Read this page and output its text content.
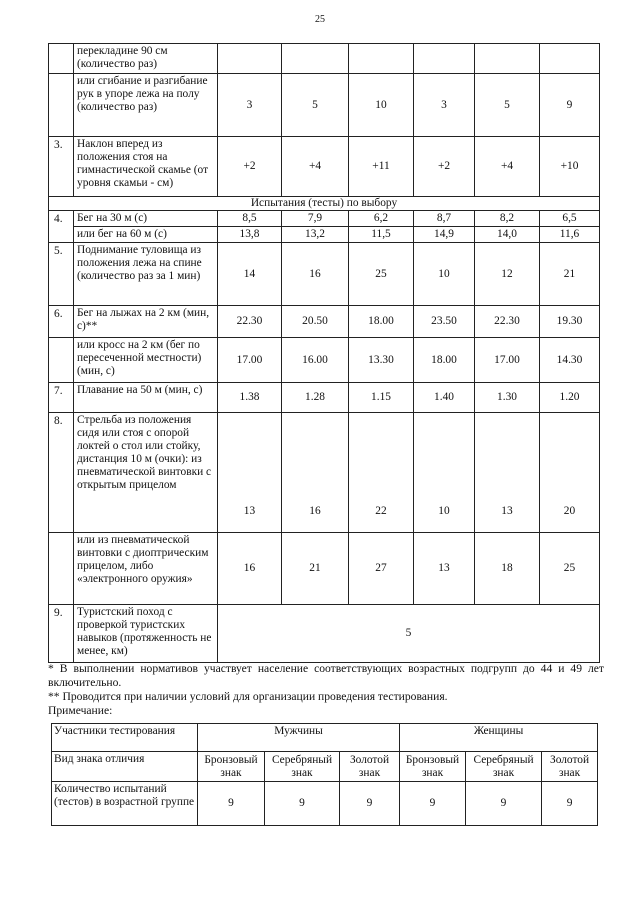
25
	перекладине 90 см (количество раз)						
	или сгибание и разгибание рук в упоре лежа на полу (количество раз)	3	5	10	3	5	9
3.	Наклон вперед из положения стоя на гимнастической скамье (от уровня скамьи - см)	+2	+4	+11	+2	+4	+10
Испытания (тесты) по выбору							
4.	Бег на 30 м (с)	8,5	7,9	6,2	8,7	8,2	6,5
	или бег на 60 м (с)	13,8	13,2	11,5	14,9	14,0	11,6
5.	Поднимание туловища из положения лежа на спине (количество раз за 1 мин)	14	16	25	10	12	21
6.	Бег на лыжах на 2 км (мин, с)**	22.30	20.50	18.00	23.50	22.30	19.30
	или кросс на 2 км (бег по пересеченной местности) (мин, с)	17.00	16.00	13.30	18.00	17.00	14.30
7.	Плавание на 50 м (мин, с)	1.38	1.28	1.15	1.40	1.30	1.20
8.	Стрельба из положения сидя или стоя с опорой локтей о стол или стойку, дистанция 10 м (очки): из пневматической винтовки с открытым прицелом	13	16	22	10	13	20
	или из пневматической винтовки с диоптрическим прицелом, либо «электронного оружия»	16	21	27	13	18	25
9.	Туристский поход с проверкой туристских навыков (протяженность не менее, км)	5					

* В выполнении нормативов участвует население соответствующих возрастных подгрупп до 44 и 49 лет включительно.

** Проводится при наличии условий для организации проведения тестирования.

Примечание:

Участники тестирования	Мужчины			Женщины		
Вид знака отличия	Бронзовый знак	Серебряный знак	Золотой знак	Бронзовый знак	Серебряный знак	Золотой знак
Количество испытаний (тестов) в возрастной группе	9	9	9	9	9	9
